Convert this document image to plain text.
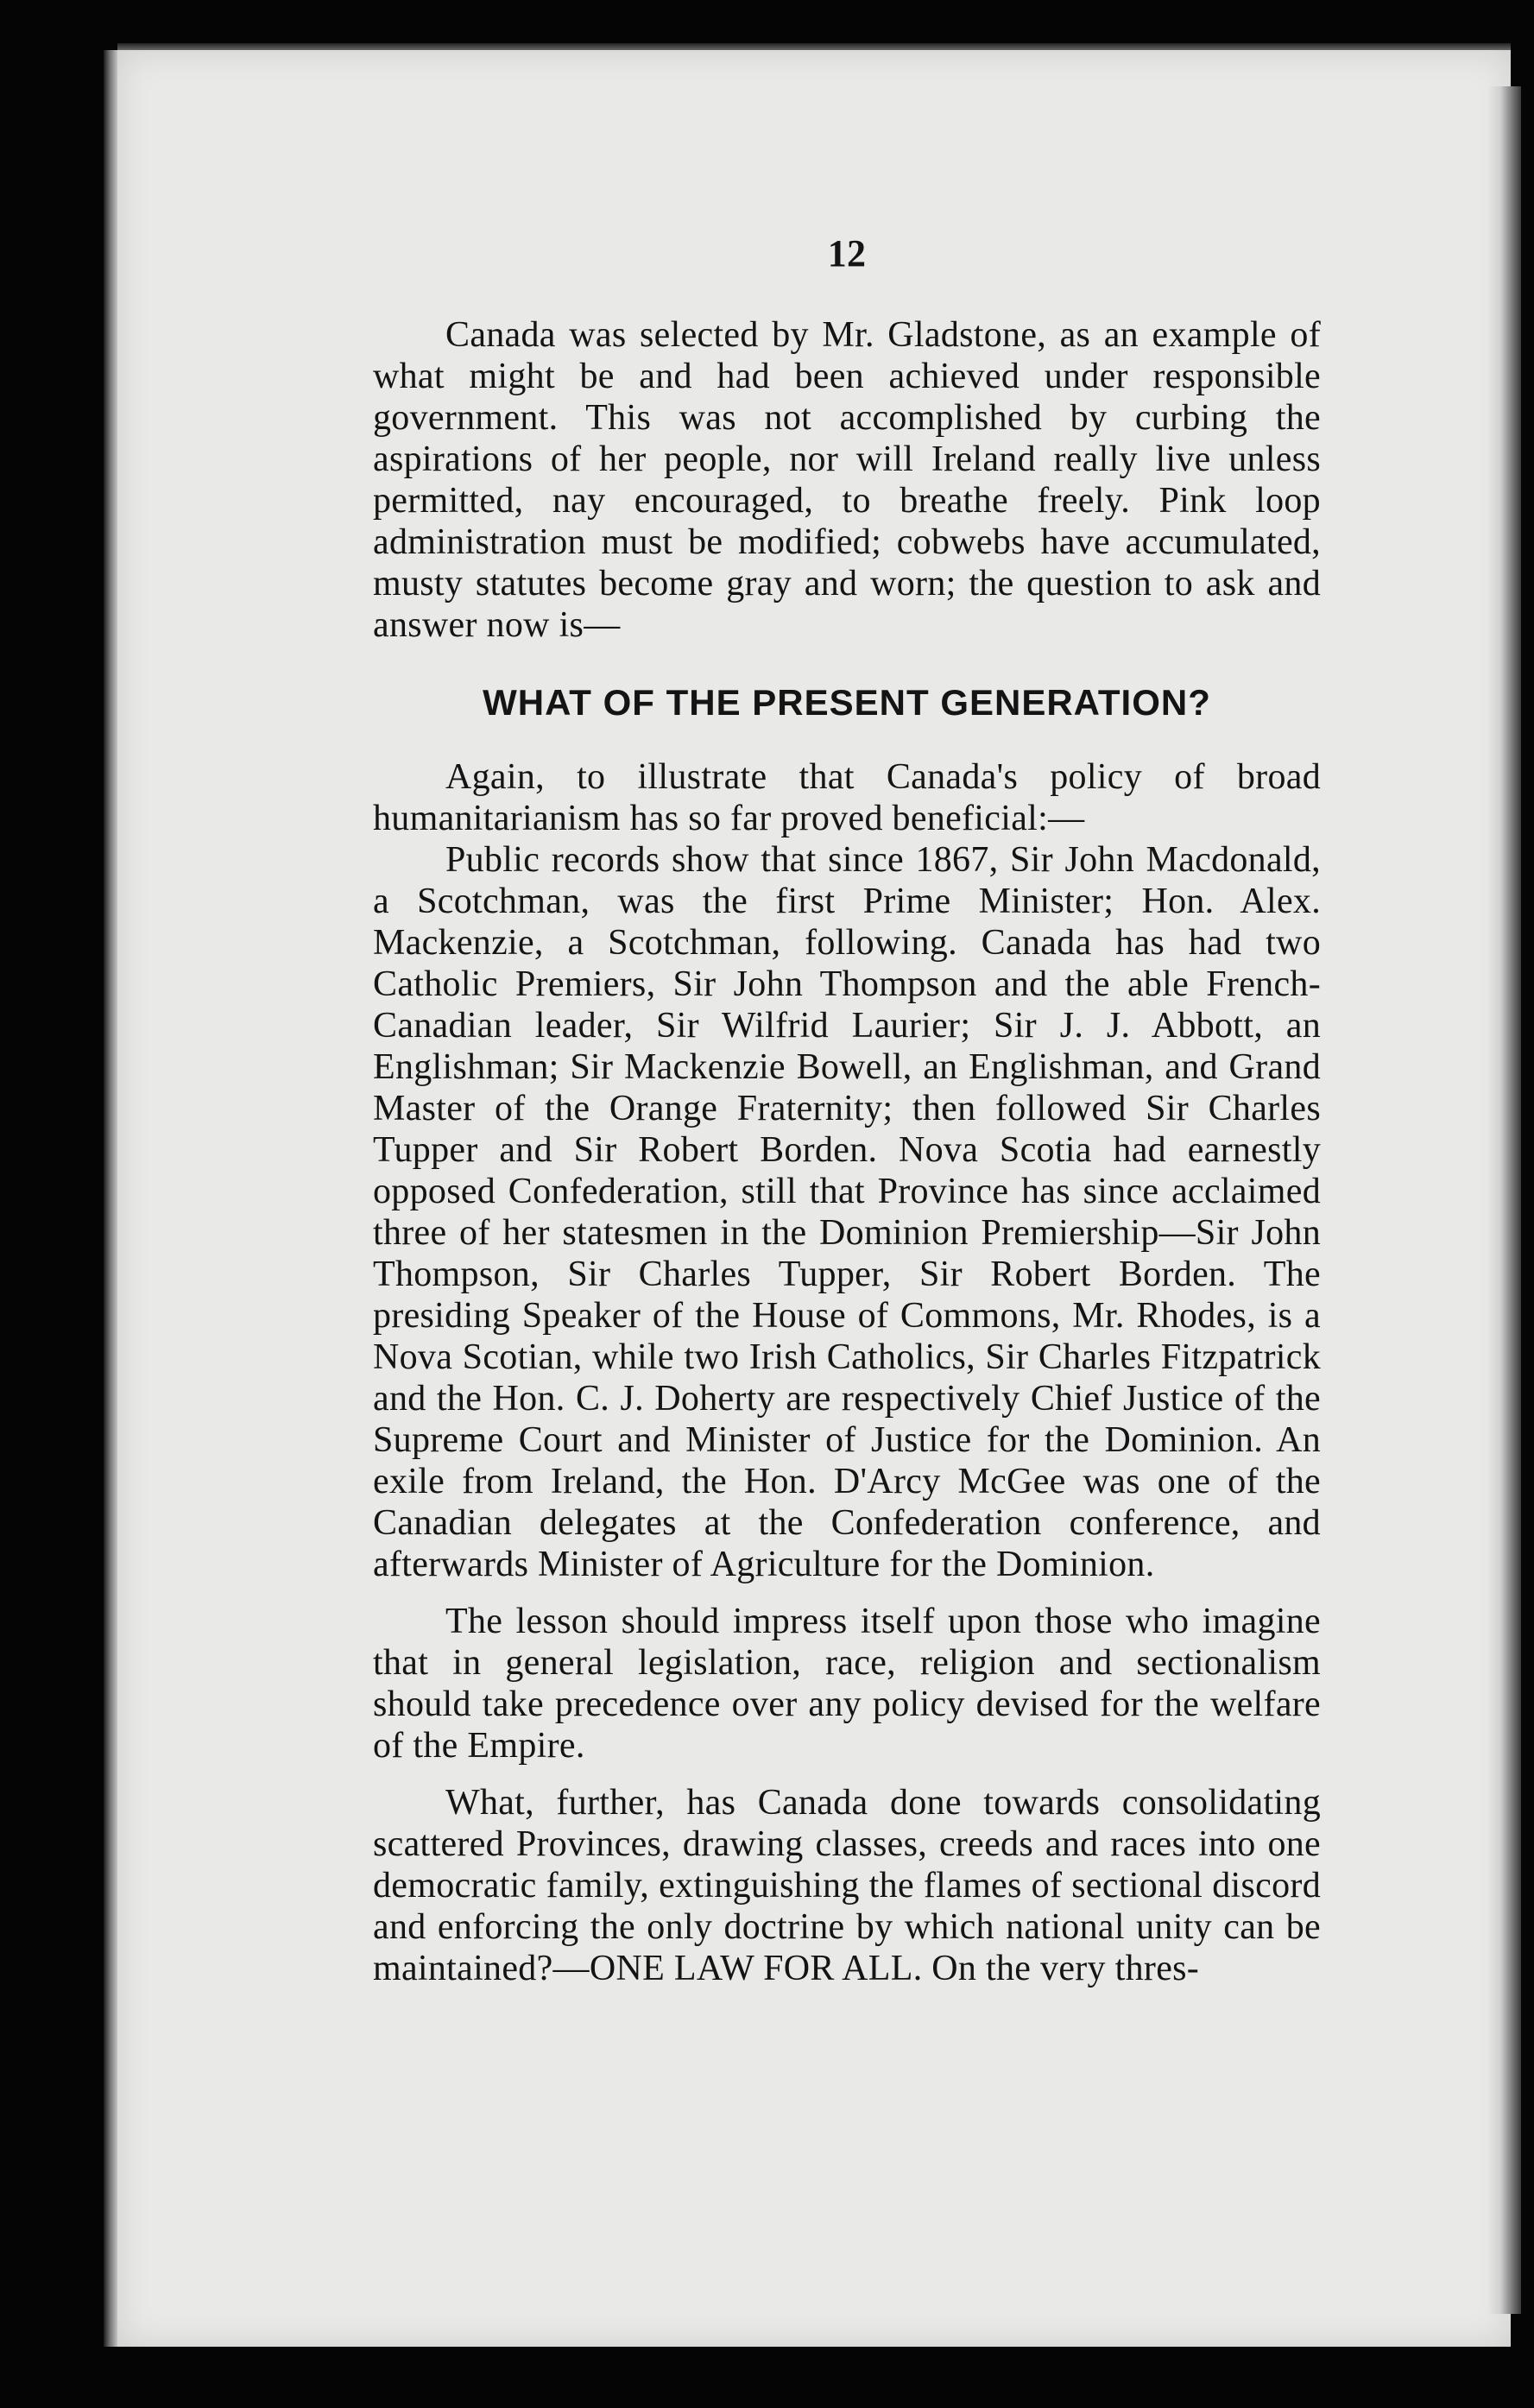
12

Canada was selected by Mr. Gladstone, as an example of what might be and had been achieved under responsible government. This was not accomplished by curbing the aspirations of her people, nor will Ireland really live unless permitted, nay encouraged, to breathe freely. Pink loop administration must be modified; cobwebs have accumulated, musty statutes become gray and worn; the question to ask and answer now is—

WHAT OF THE PRESENT GENERATION?

Again, to illustrate that Canada's policy of broad humanitarianism has so far proved beneficial:—

Public records show that since 1867, Sir John Macdonald, a Scotchman, was the first Prime Minister; Hon. Alex. Mackenzie, a Scotchman, following. Canada has had two Catholic Premiers, Sir John Thompson and the able French-Canadian leader, Sir Wilfrid Laurier; Sir J. J. Abbott, an Englishman; Sir Mackenzie Bowell, an Englishman, and Grand Master of the Orange Fraternity; then followed Sir Charles Tupper and Sir Robert Borden. Nova Scotia had earnestly opposed Confederation, still that Province has since acclaimed three of her statesmen in the Dominion Premiership—Sir John Thompson, Sir Charles Tupper, Sir Robert Borden. The presiding Speaker of the House of Commons, Mr. Rhodes, is a Nova Scotian, while two Irish Catholics, Sir Charles Fitzpatrick and the Hon. C. J. Doherty are respectively Chief Justice of the Supreme Court and Minister of Justice for the Dominion. An exile from Ireland, the Hon. D'Arcy McGee was one of the Canadian delegates at the Confederation conference, and afterwards Minister of Agriculture for the Dominion.

The lesson should impress itself upon those who imagine that in general legislation, race, religion and sectionalism should take precedence over any policy devised for the welfare of the Empire.

What, further, has Canada done towards consolidating scattered Provinces, drawing classes, creeds and races into one democratic family, extinguishing the flames of sectional discord and enforcing the only doctrine by which national unity can be maintained?—ONE LAW FOR ALL. On the very thres-
